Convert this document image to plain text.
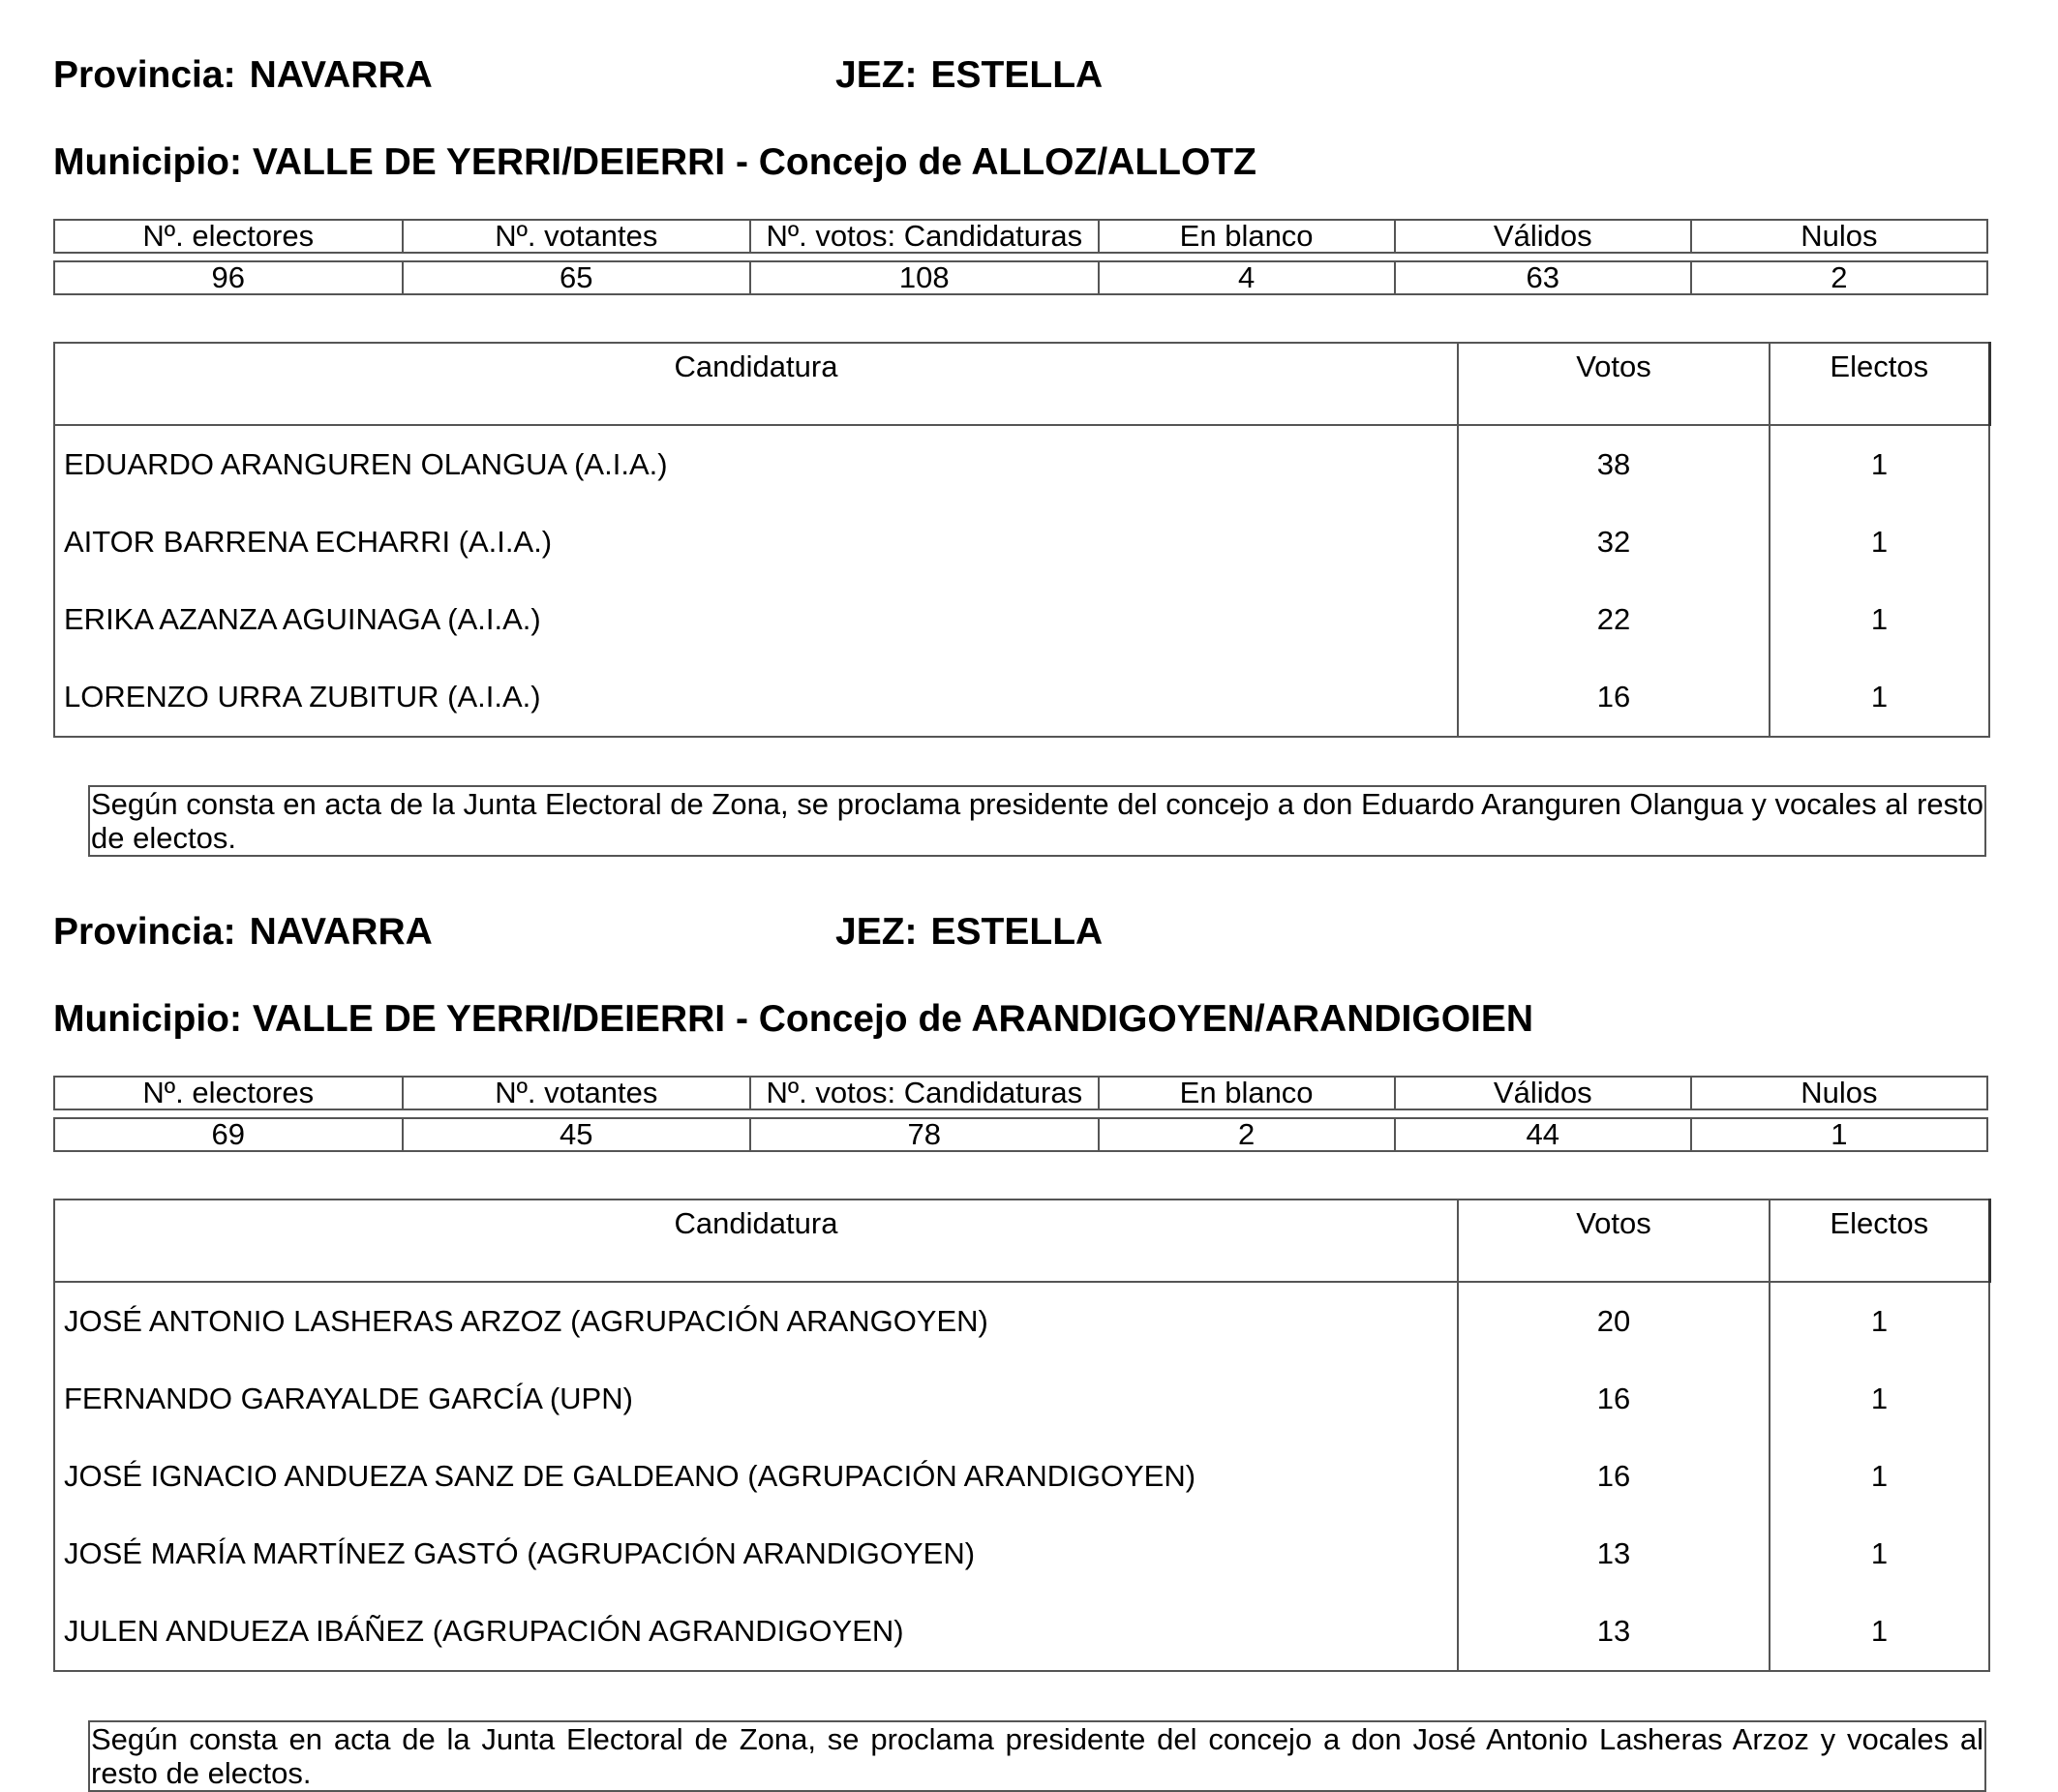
Provincia: NAVARRA	JEZ: ESTELLA
Municipio: VALLE DE YERRI/DEIERRI - Concejo de ALLOZ/ALLOTZ
Nº. electores	Nº. votantes	Nº. votos: Candidaturas	En blanco	Válidos	Nulos
96	65	108	4	63	2
Candidatura	Votos	Electos
EDUARDO ARANGUREN OLANGUA (A.I.A.)	38	1
AITOR BARRENA ECHARRI (A.I.A.)	32	1
ERIKA AZANZA AGUINAGA (A.I.A.)	22	1
LORENZO URRA ZUBITUR (A.I.A.)	16	1
Según consta en acta de la Junta Electoral de Zona, se proclama presidente del concejo a don Eduardo Aranguren Olangua y vocales al resto de electos.
Provincia: NAVARRA	JEZ: ESTELLA
Municipio: VALLE DE YERRI/DEIERRI - Concejo de ARANDIGOYEN/ARANDIGOIEN
Nº. electores	Nº. votantes	Nº. votos: Candidaturas	En blanco	Válidos	Nulos
69	45	78	2	44	1
Candidatura	Votos	Electos
JOSÉ ANTONIO LASHERAS ARZOZ (AGRUPACIÓN ARANGOYEN)	20	1
FERNANDO GARAYALDE GARCÍA (UPN)	16	1
JOSÉ IGNACIO ANDUEZA SANZ DE GALDEANO (AGRUPACIÓN ARANDIGOYEN)	16	1
JOSÉ MARÍA MARTÍNEZ GASTÓ (AGRUPACIÓN ARANDIGOYEN)	13	1
JULEN ANDUEZA IBÁÑEZ (AGRUPACIÓN AGRANDIGOYEN)	13	1
Según consta en acta de la Junta Electoral de Zona, se proclama presidente del concejo a don José Antonio Lasheras Arzoz y vocales al resto de electos.
